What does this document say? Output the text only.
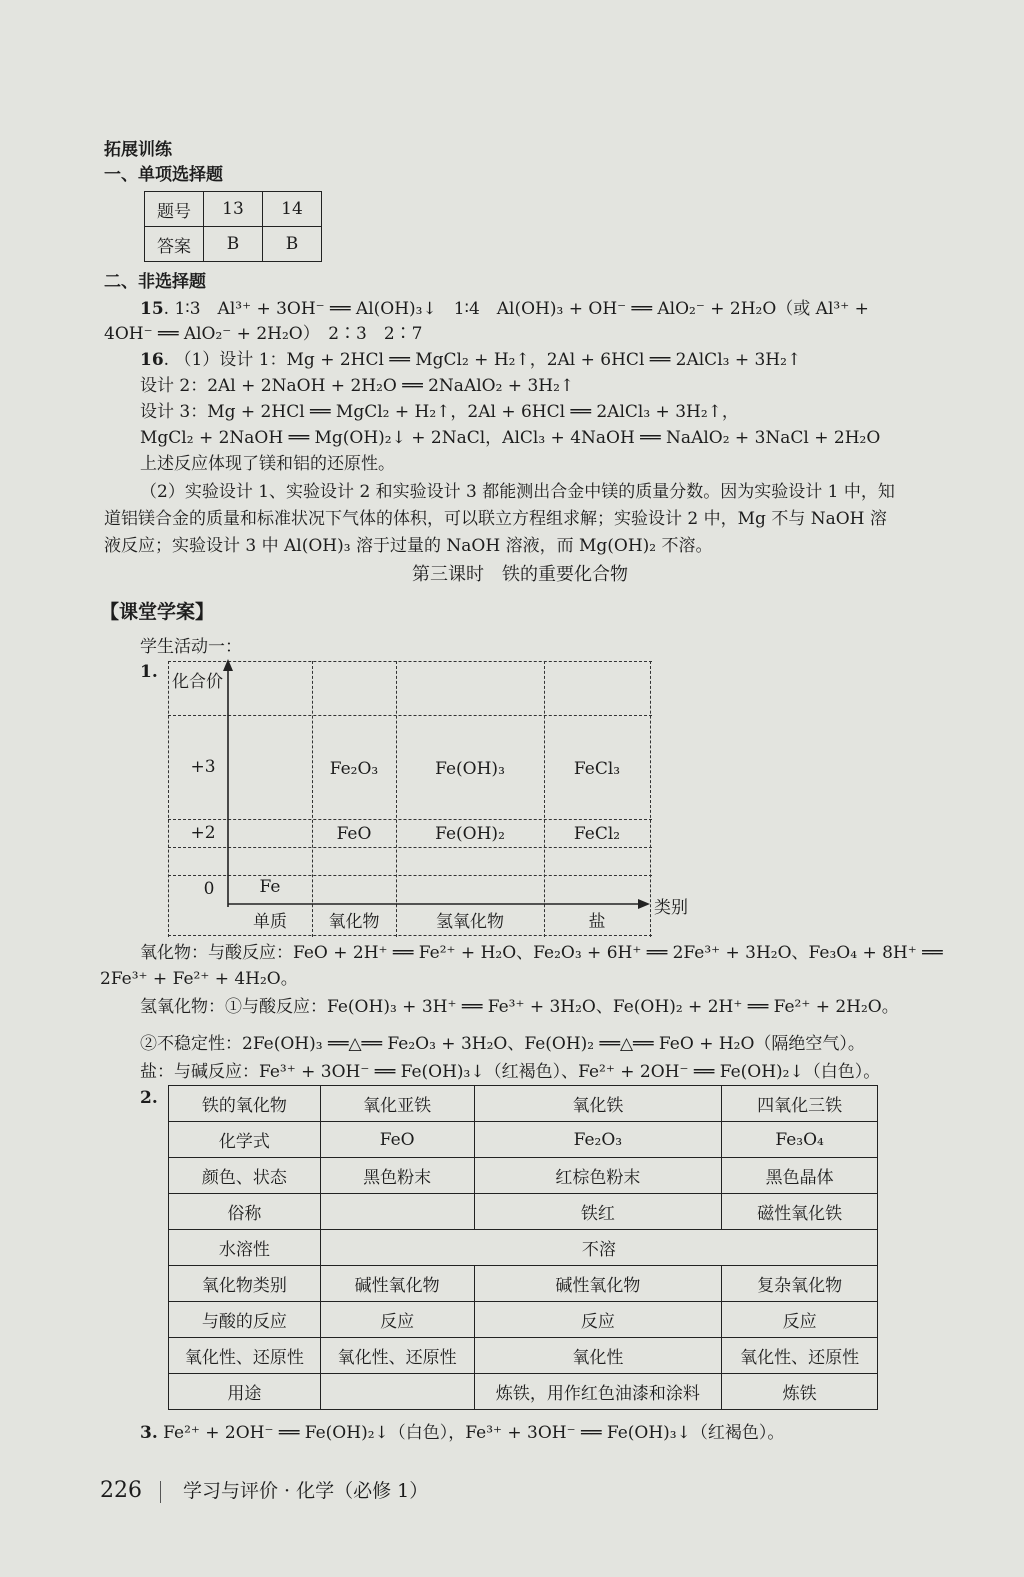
拓展训练
一、单项选择题
题号	13	14
答案	B	B
二、非选择题
15. 1∶3　Al³⁺ + 3OH⁻ ══ Al(OH)₃↓　1∶4　Al(OH)₃ + OH⁻ ══ AlO₂⁻ + 2H₂O（或 Al³⁺ +
4OH⁻ ══ AlO₂⁻ + 2H₂O）　2∶3　2∶7
16. （1）设计 1：Mg + 2HCl ══ MgCl₂ + H₂↑，2Al + 6HCl ══ 2AlCl₃ + 3H₂↑
设计 2：2Al + 2NaOH + 2H₂O ══ 2NaAlO₂ + 3H₂↑
设计 3：Mg + 2HCl ══ MgCl₂ + H₂↑，2Al + 6HCl ══ 2AlCl₃ + 3H₂↑，
MgCl₂ + 2NaOH ══ Mg(OH)₂↓ + 2NaCl，AlCl₃ + 4NaOH ══ NaAlO₂ + 3NaCl + 2H₂O
上述反应体现了镁和铝的还原性。
（2）实验设计 1、实验设计 2 和实验设计 3 都能测出合金中镁的质量分数。因为实验设计 1 中，知
道铝镁合金的质量和标准状况下气体的体积，可以联立方程组求解；实验设计 2 中，Mg 不与 NaOH 溶
液反应；实验设计 3 中 Al(OH)₃ 溶于过量的 NaOH 溶液，而 Mg(OH)₂ 不溶。
第三课时　铁的重要化合物
【课堂学案】
学生活动一：
1. 化合价
类别
+3	Fe₂O₃	Fe(OH)₃	FeCl₃
+2	FeO	Fe(OH)₂	FeCl₂
0	Fe
单质	氧化物	氢氧化物	盐
氧化物：与酸反应：FeO + 2H⁺ ══ Fe²⁺ + H₂O、Fe₂O₃ + 6H⁺ ══ 2Fe³⁺ + 3H₂O、Fe₃O₄ + 8H⁺ ══
2Fe³⁺ + Fe²⁺ + 4H₂O。
氢氧化物：①与酸反应：Fe(OH)₃ + 3H⁺ ══ Fe³⁺ + 3H₂O、Fe(OH)₂ + 2H⁺ ══ Fe²⁺ + 2H₂O。
②不稳定性：2Fe(OH)₃ ══△══ Fe₂O₃ + 3H₂O、Fe(OH)₂ ══△══ FeO + H₂O（隔绝空气）。
盐：与碱反应：Fe³⁺ + 3OH⁻ ══ Fe(OH)₃↓（红褐色）、Fe²⁺ + 2OH⁻ ══ Fe(OH)₂↓（白色）。
2.	铁的氧化物	氧化亚铁	氧化铁	四氧化三铁
化学式	FeO	Fe₂O₃	Fe₃O₄
颜色、状态	黑色粉末	红棕色粉末	黑色晶体
俗称		铁红	磁性氧化铁
水溶性	不溶		
氧化物类别	碱性氧化物	碱性氧化物	复杂氧化物
与酸的反应	反应	反应	反应
氧化性、还原性	氧化性、还原性	氧化性	氧化性、还原性
用途		炼铁，用作红色油漆和涂料	炼铁
3. Fe²⁺ + 2OH⁻ ══ Fe(OH)₂↓（白色），Fe³⁺ + 3OH⁻ ══ Fe(OH)₃↓（红褐色）。
226 学习与评价 · 化学（必修 1）
